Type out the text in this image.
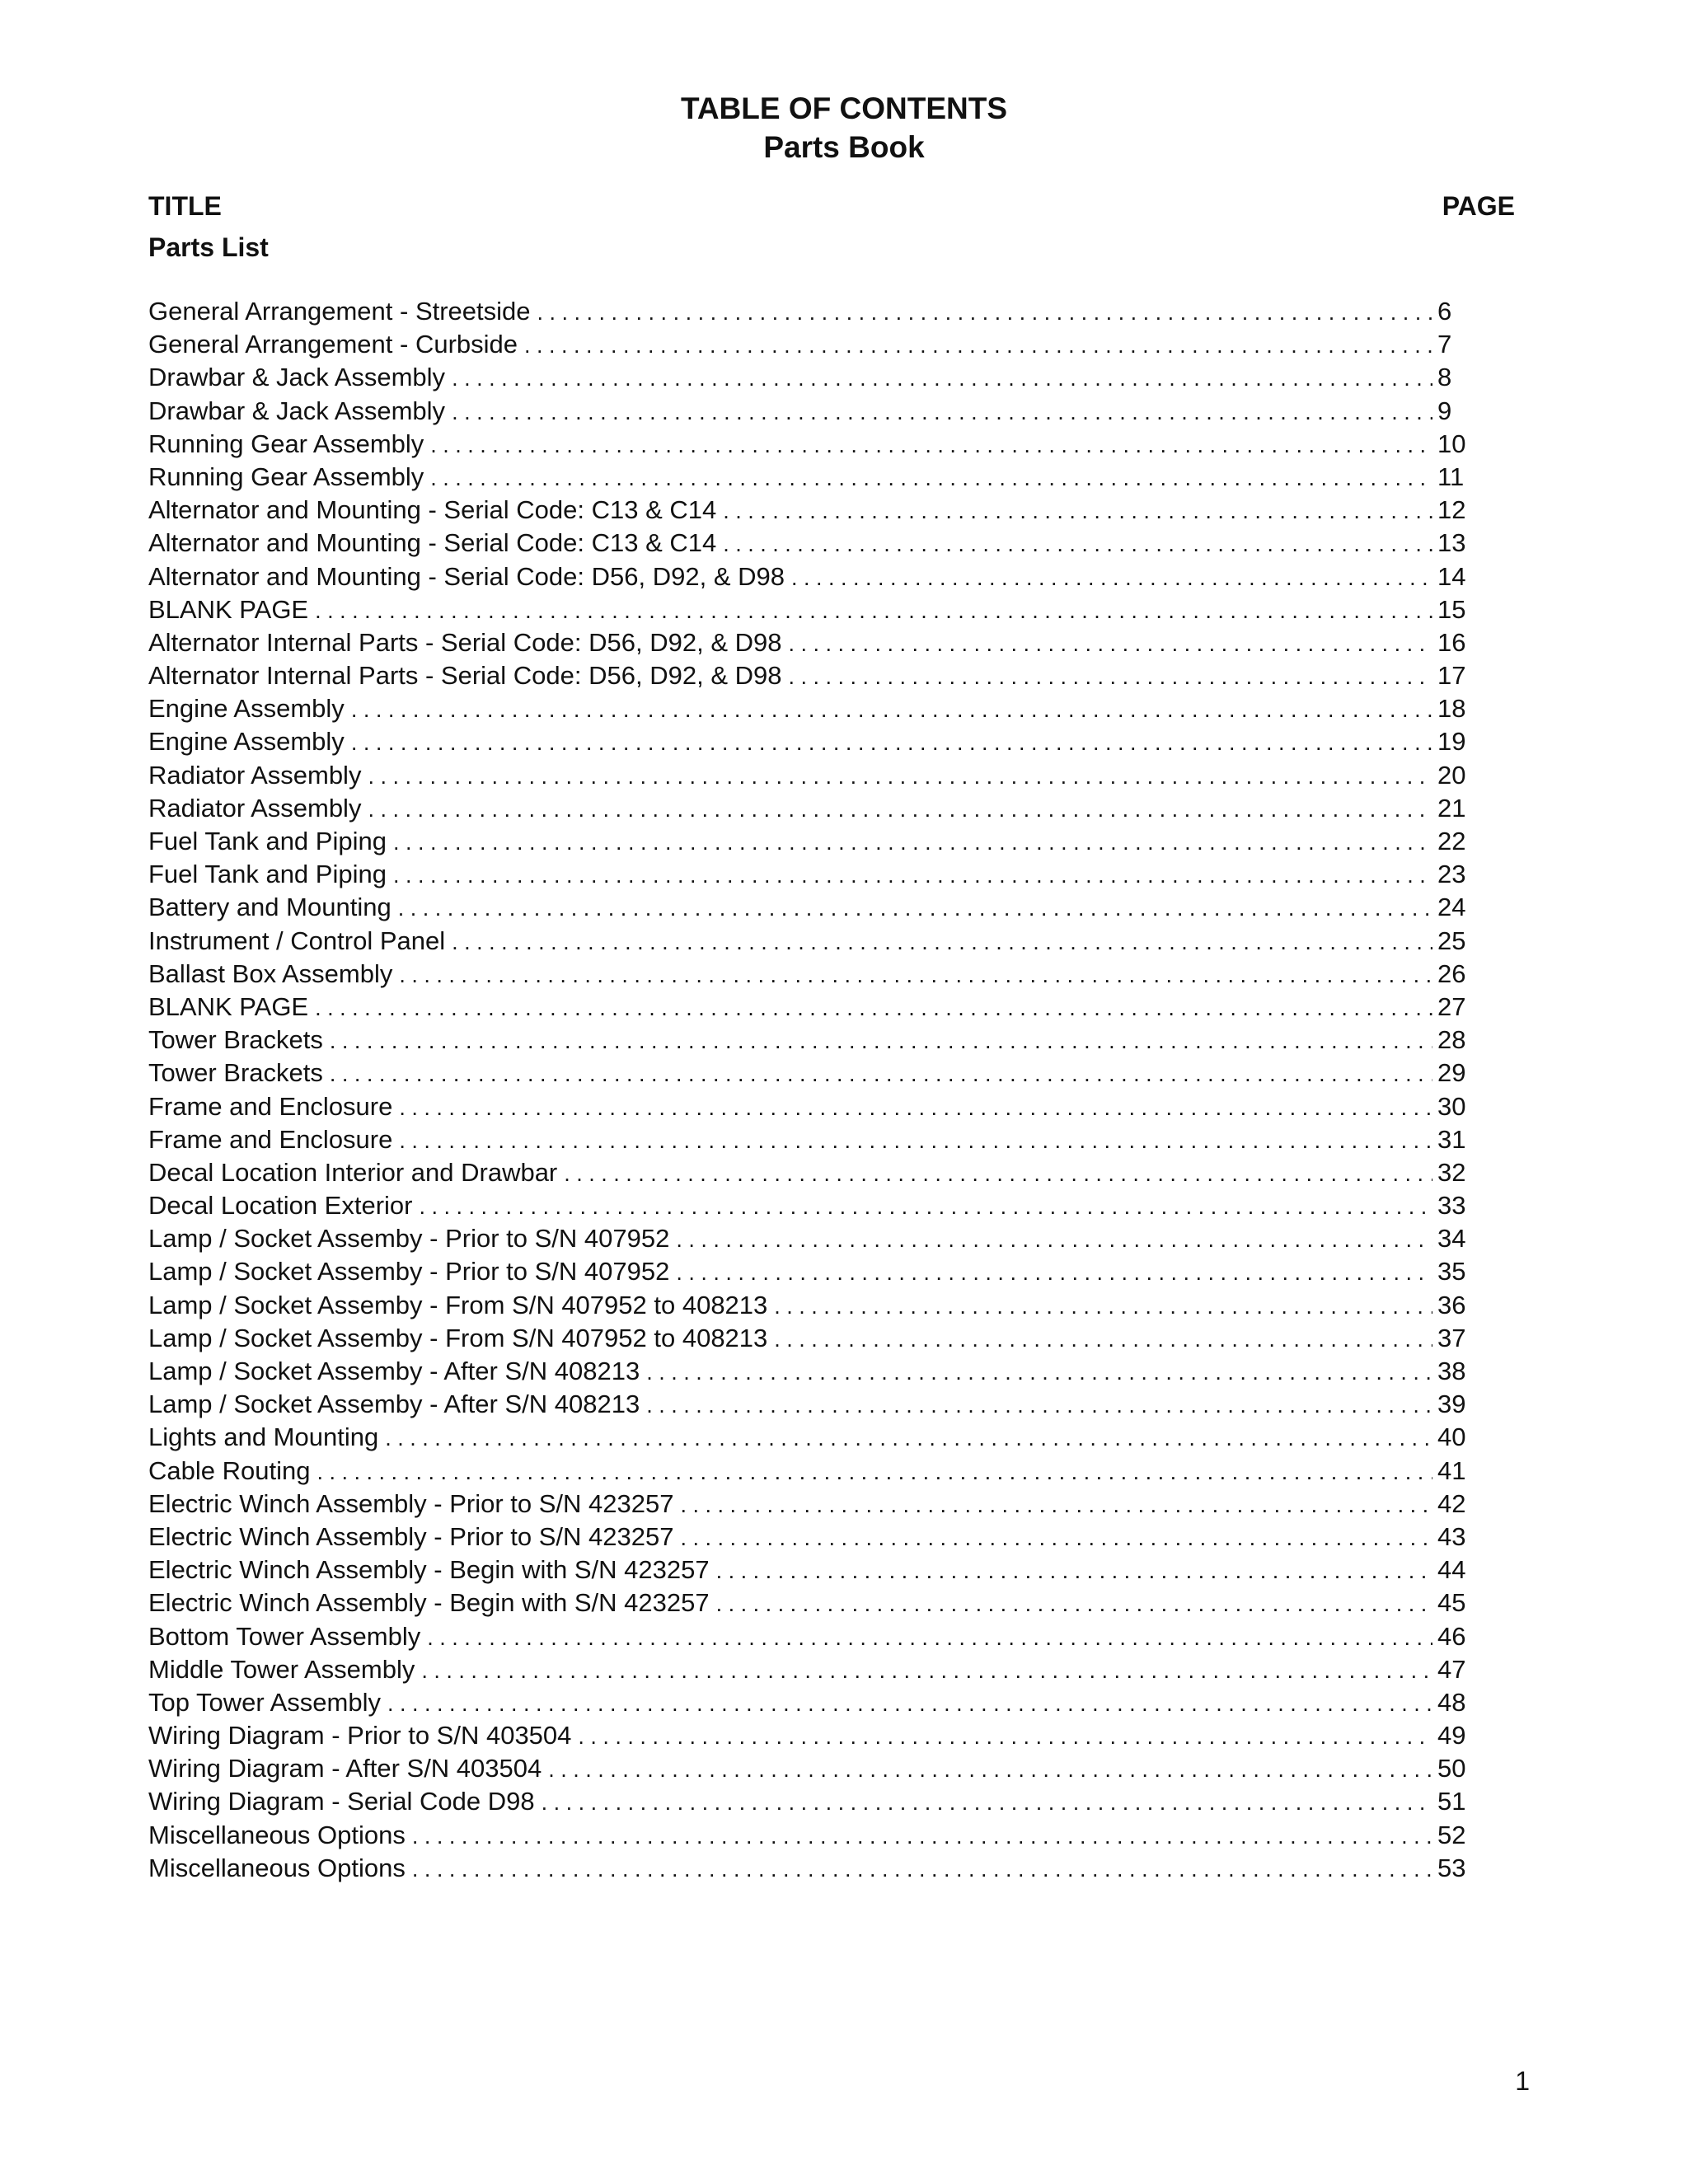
TABLE OF CONTENTS
Parts Book
TITLE	PAGE
Parts List
General Arrangement - Streetside . . .	6
General Arrangement - Curbside . . .	7
Drawbar & Jack Assembly . . .	8
Drawbar & Jack Assembly . . .	9
Running Gear Assembly . . .	10
Running Gear Assembly . . .	11
Alternator and Mounting - Serial Code: C13 & C14 . . .	12
Alternator and Mounting - Serial Code: C13 & C14 . . .	13
Alternator and Mounting - Serial Code: D56, D92, & D98 . . .	14
BLANK PAGE . . .	15
Alternator Internal Parts - Serial Code: D56, D92, & D98 . . .	16
Alternator Internal Parts - Serial Code: D56, D92, & D98 . . .	17
Engine Assembly . . .	18
Engine Assembly . . .	19
Radiator Assembly . . .	20
Radiator Assembly . . .	21
Fuel Tank and Piping . . .	22
Fuel Tank and Piping . . .	23
Battery and Mounting . . .	24
Instrument / Control Panel . . .	25
Ballast Box Assembly . . .	26
BLANK PAGE . . .	27
Tower Brackets . . .	28
Tower Brackets . . .	29
Frame and Enclosure . . .	30
Frame and Enclosure . . .	31
Decal Location Interior and Drawbar . . .	32
Decal Location Exterior . . .	33
Lamp / Socket Assemby - Prior to S/N 407952 . . .	34
Lamp / Socket Assemby - Prior to S/N 407952 . . .	35
Lamp / Socket Assemby - From S/N 407952 to 408213 . . .	36
Lamp / Socket Assemby - From S/N 407952 to 408213 . . .	37
Lamp / Socket Assemby - After S/N 408213 . . .	38
Lamp / Socket Assemby - After S/N 408213 . . .	39
Lights and Mounting . . .	40
Cable Routing . . .	41
Electric Winch Assembly - Prior to S/N 423257 . . .	42
Electric Winch Assembly - Prior to S/N 423257 . . .	43
Electric Winch Assembly - Begin with S/N 423257 . . .	44
Electric Winch Assembly - Begin with S/N 423257 . . .	45
Bottom Tower Assembly . . .	46
Middle Tower Assembly . . .	47
Top Tower Assembly . . .	48
Wiring Diagram - Prior to S/N 403504 . . .	49
Wiring Diagram - After S/N 403504 . . .	50
Wiring Diagram - Serial Code D98 . . .	51
Miscellaneous Options . . .	52
Miscellaneous Options . . .	53
1
